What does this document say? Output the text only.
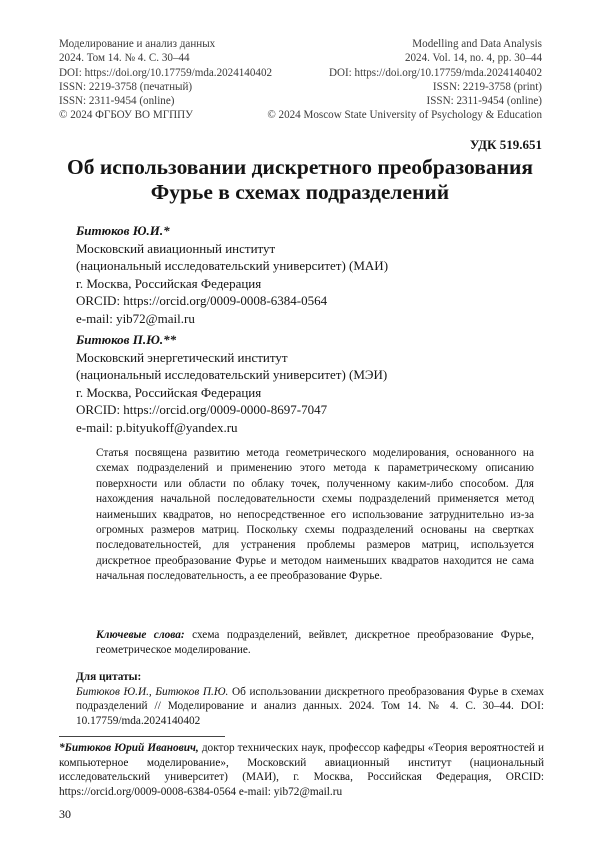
Моделирование и анализ данных
2024. Том 14. № 4. С. 30–44
DOI: https://doi.org/10.17759/mda.2024140402
ISSN: 2219-3758 (печатный)
ISSN: 2311-9454 (online)
© 2024 ФГБОУ ВО МГППУ
Modelling and Data Analysis
2024. Vol. 14, no. 4, pp. 30–44
DOI: https://doi.org/10.17759/mda.2024140402
ISSN: 2219-3758 (print)
ISSN: 2311-9454 (online)
© 2024 Moscow State University of Psychology & Education
УДК 519.651
Об использовании дискретного преобразования
Фурье в схемах подразделений
Битюков Ю.И.*
Московский авиационный институт
(национальный исследовательский университет) (МАИ)
г. Москва, Российская Федерация
ORCID: https://orcid.org/0009-0008-6384-0564
e-mail: yib72@mail.ru
Битюков П.Ю.**
Московский энергетический институт
(национальный исследовательский университет) (МЭИ)
г. Москва, Российская Федерация
ORCID: https://orcid.org/0009-0000-8697-7047
e-mail: p.bityukoff@yandex.ru
Статья посвящена развитию метода геометрического моделирования, основанного на схемах подразделений и применению этого метода к параметрическому описанию поверхности или области по облаку точек, полученному каким-либо способом. Для нахождения начальной последовательности схемы подразделений применяется метод наименьших квадратов, но непосредственное его использование затруднительно из-за огромных размеров матриц. Поскольку схемы подразделений основаны на свертках последовательностей, для устранения проблемы размеров матриц, используется дискретное преобразование Фурье и методом наименьших квадратов находится не сама начальная последовательность, а ее преобразование Фурье.
Ключевые слова: схема подразделений, вейвлет, дискретное преобразование Фурье, геометрическое моделирование.
Для цитаты:
Битюков Ю.И., Битюков П.Ю. Об использовании дискретного преобразования Фурье в схемах подразделений // Моделирование и анализ данных. 2024. Том 14. № 4. С. 30–44. DOI: 10.17759/mda.2024140402
*Битюков Юрий Иванович, доктор технических наук, профессор кафедры «Теория вероятностей и компьютерное моделирование», Московский авиационный институт (национальный исследовательский университет) (МАИ), г. Москва, Российская Федерация, ORCID: https://orcid.org/0009-0008-6384-0564 e-mail: yib72@mail.ru
30
